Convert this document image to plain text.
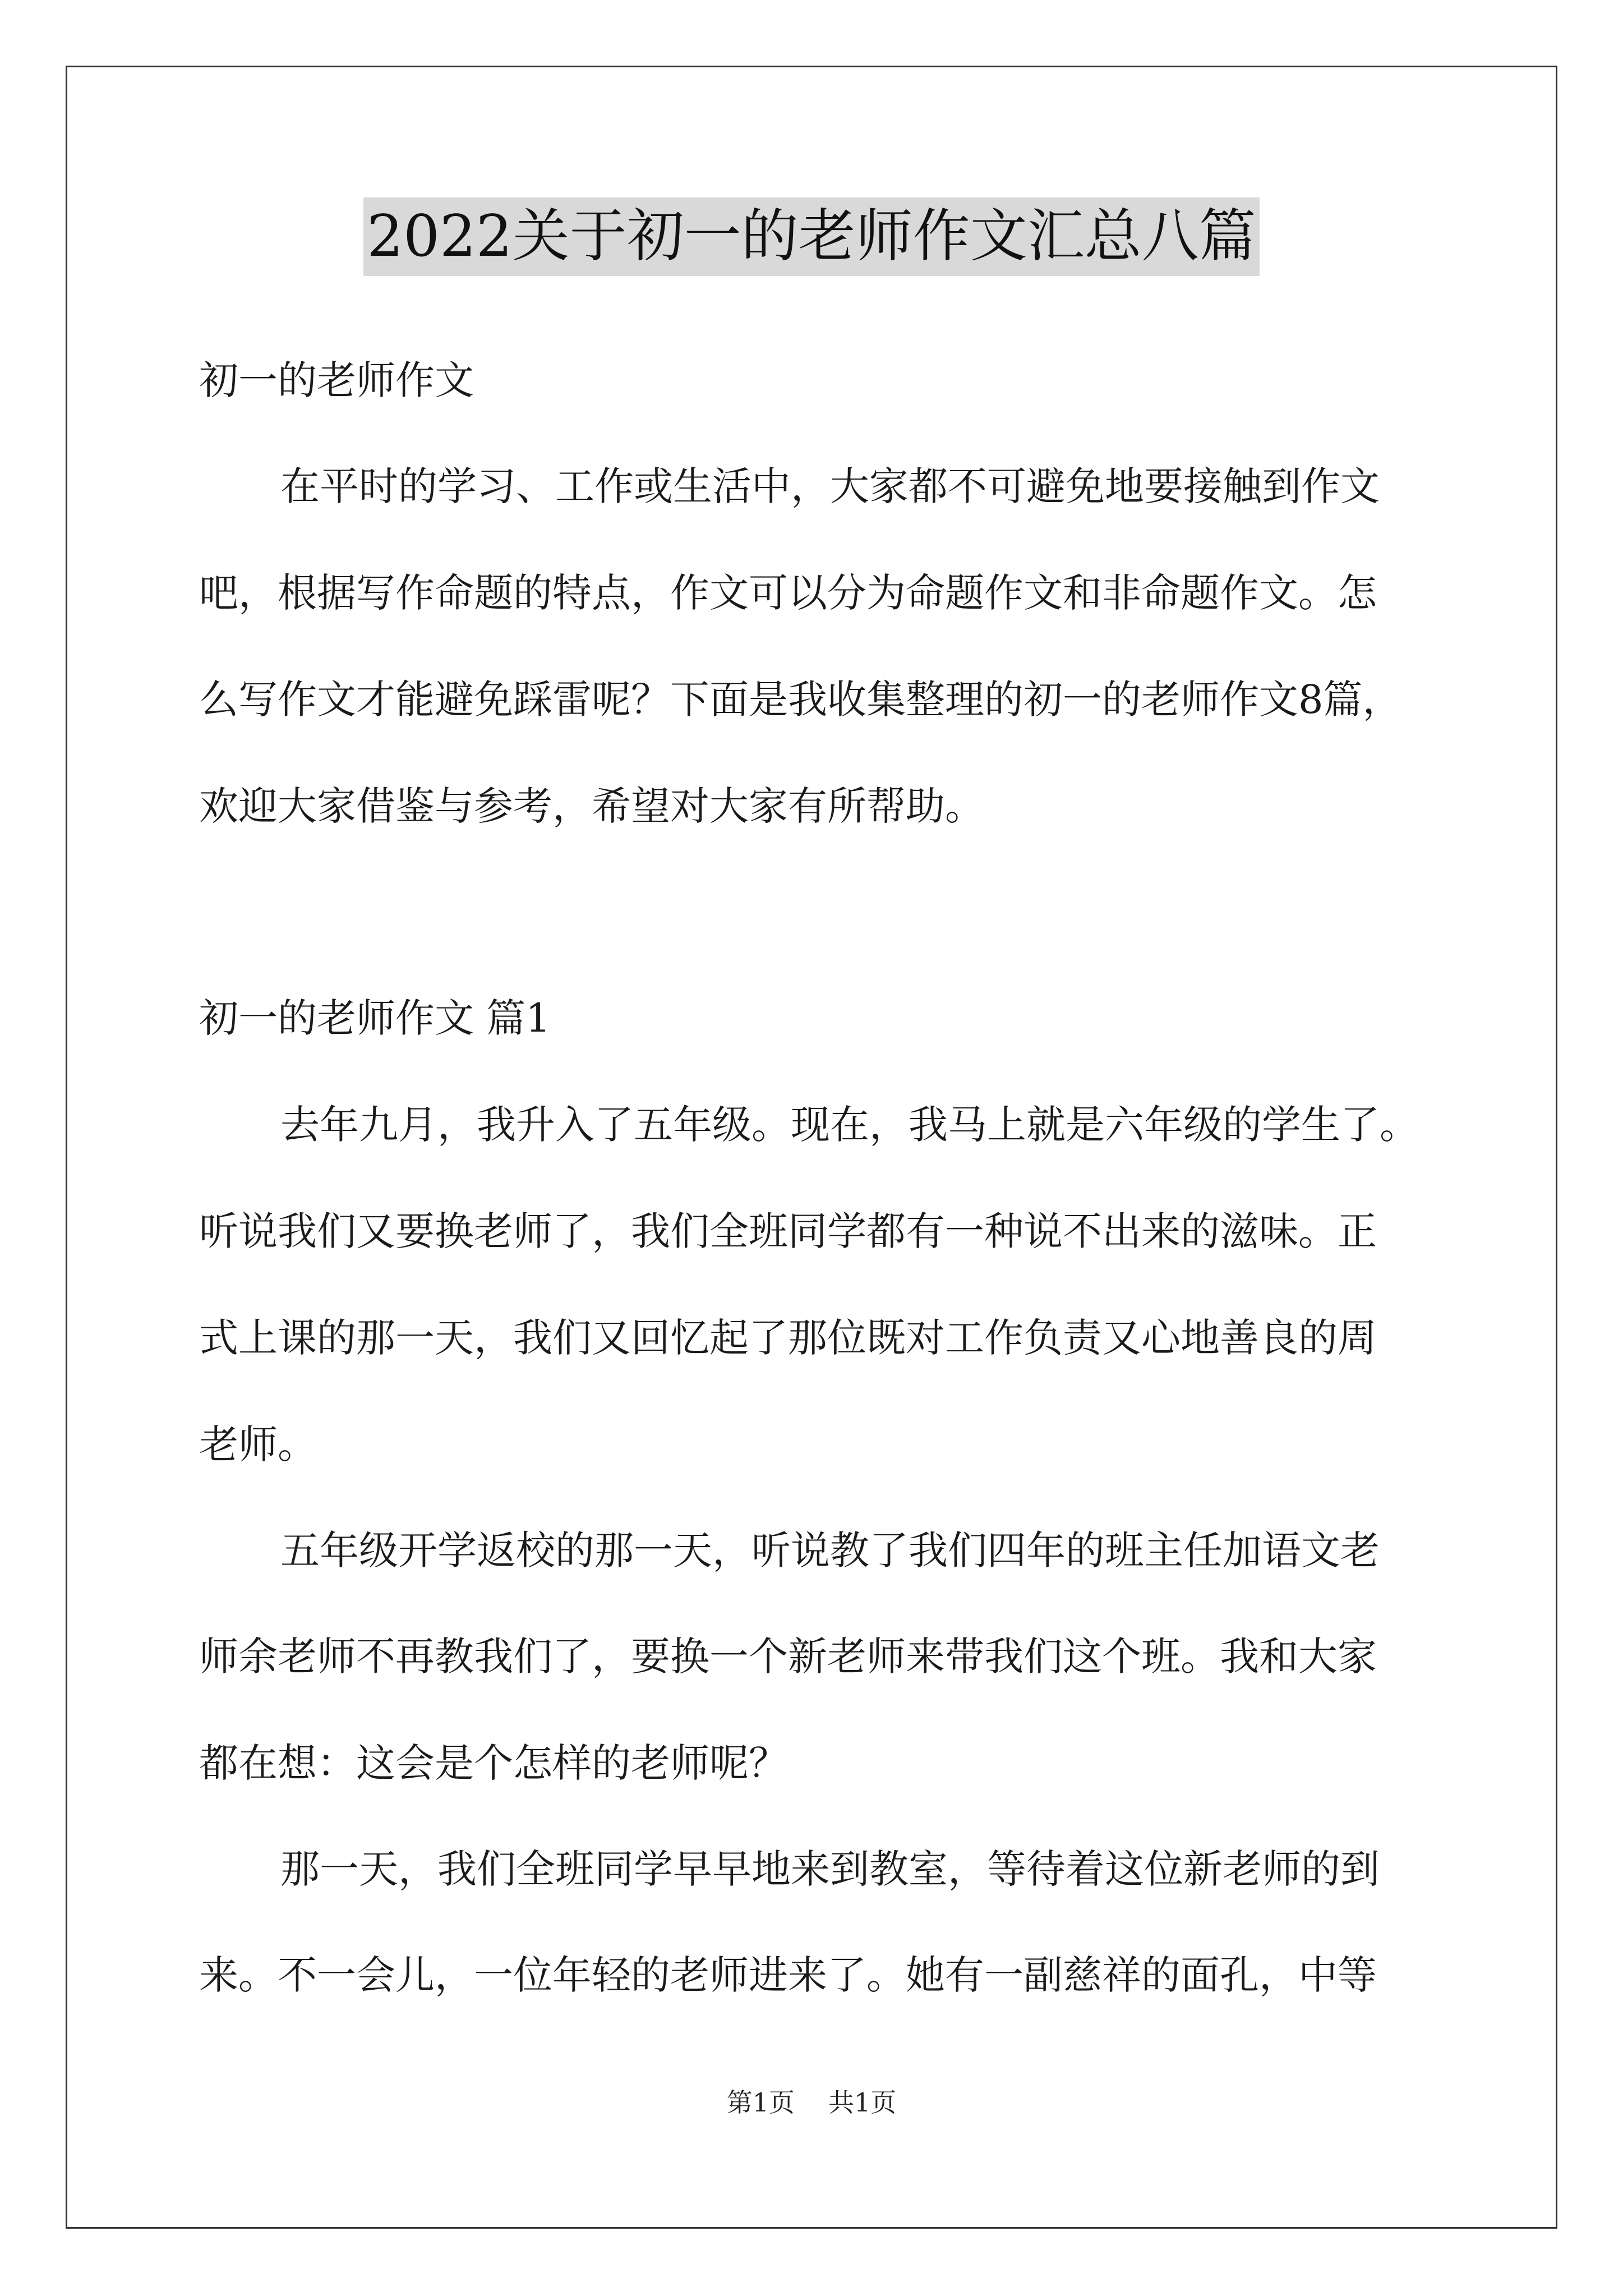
2022关于初一的老师作文汇总八篇
初一的老师作文
在平时的学习、工作或生活中，大家都不可避免地要接触到作文
吧，根据写作命题的特点，作文可以分为命题作文和非命题作文。怎
么写作文才能避免踩雷呢？下面是我收集整理的初一的老师作文8篇，
欢迎大家借鉴与参考，希望对大家有所帮助。
初一的老师作文 篇1
去年九月，我升入了五年级。现在，我马上就是六年级的学生了。
听说我们又要换老师了，我们全班同学都有一种说不出来的滋味。正
式上课的那一天，我们又回忆起了那位既对工作负责又心地善良的周
老师。
五年级开学返校的那一天，听说教了我们四年的班主任加语文老
师余老师不再教我们了，要换一个新老师来带我们这个班。我和大家
都在想：这会是个怎样的老师呢？
那一天，我们全班同学早早地来到教室，等待着这位新老师的到
来。不一会儿，一位年轻的老师进来了。她有一副慈祥的面孔，中等
第1页 共1页
